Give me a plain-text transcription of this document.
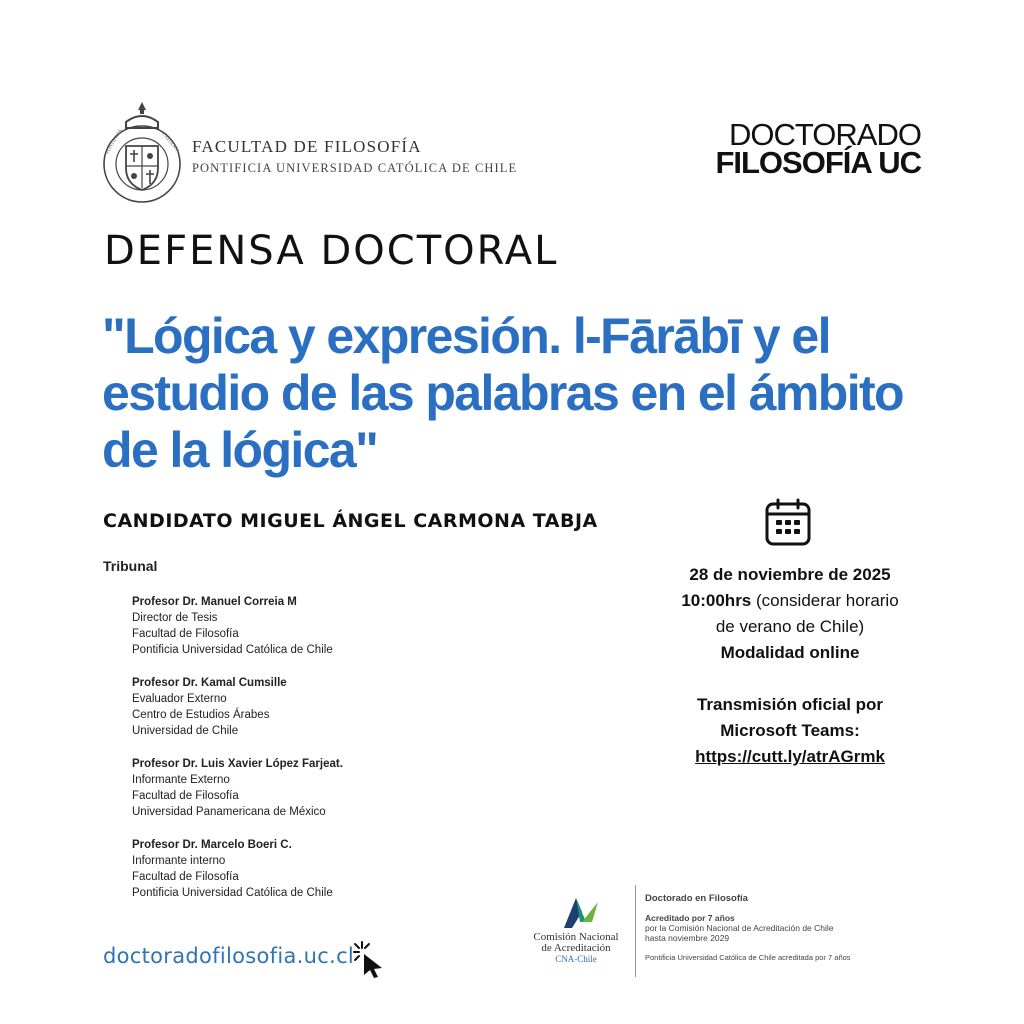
PONTIFICIA	CATOLICA FACULTAD DE FILOSOFÍA
PONTIFICIA UNIVERSIDAD CATÓLICA DE CHILE
DOCTORADO
FILOSOFÍA UC
DEFENSA DOCTORAL
"Lógica y expresión. l-Fārābī y el estudio de las palabras en el ámbito de la lógica"
CANDIDATO MIGUEL ÁNGEL CARMONA TABJA
Tribunal
Profesor Dr. Manuel Correia M
Director de Tesis
Facultad de Filosofía
Pontificia Universidad Católica de Chile
Profesor Dr. Kamal Cumsille
Evaluador Externo
Centro de Estudios Árabes
Universidad de Chile
Profesor Dr. Luis Xavier López Farjeat.
Informante Externo
Facultad de Filosofía
Universidad Panamericana de México
Profesor Dr. Marcelo Boeri C.
Informante interno
Facultad de Filosofía
Pontificia Universidad Católica de Chile
28 de noviembre de 2025
10:00hrs (considerar horario
de verano de Chile)
Modalidad online
Transmisión oficial por
Microsoft Teams:
https://cutt.ly/atrAGrmk
doctoradofilosofia.uc.cl
Comisión Nacional
de Acreditación
CNA-Chile
Doctorado en Filosofía
Acreditado por 7 años
por la Comisión Nacional de Acreditación de Chile
hasta noviembre 2029
Pontificia Universidad Católica de Chile acreditada por 7 años
